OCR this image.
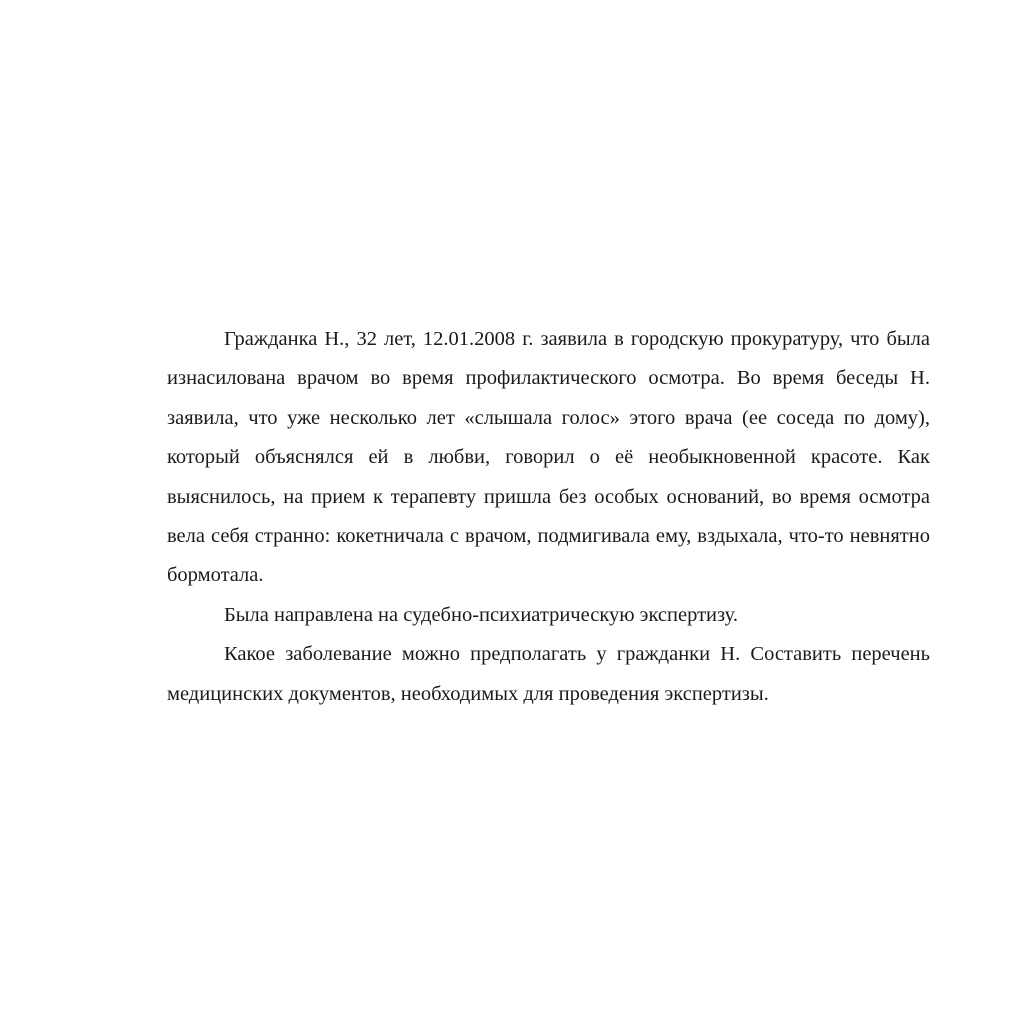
Гражданка Н., 32 лет, 12.01.2008 г. заявила в городскую прокуратуру, что была изнасилована врачом во время профилактического осмотра. Во время беседы Н. заявила, что уже несколько лет «слышала голос» этого врача (ее соседа по дому), который объяснялся ей в любви, говорил о её необыкновенной красоте. Как выяснилось, на прием к терапевту пришла без особых оснований, во время осмотра вела себя странно: кокетничала с врачом, подмигивала ему, вздыхала, что-то невнятно бормотала.

Была направлена на судебно-психиатрическую экспертизу.

Какое заболевание можно предполагать у гражданки Н. Составить перечень медицинских документов, необходимых для проведения экспертизы.
